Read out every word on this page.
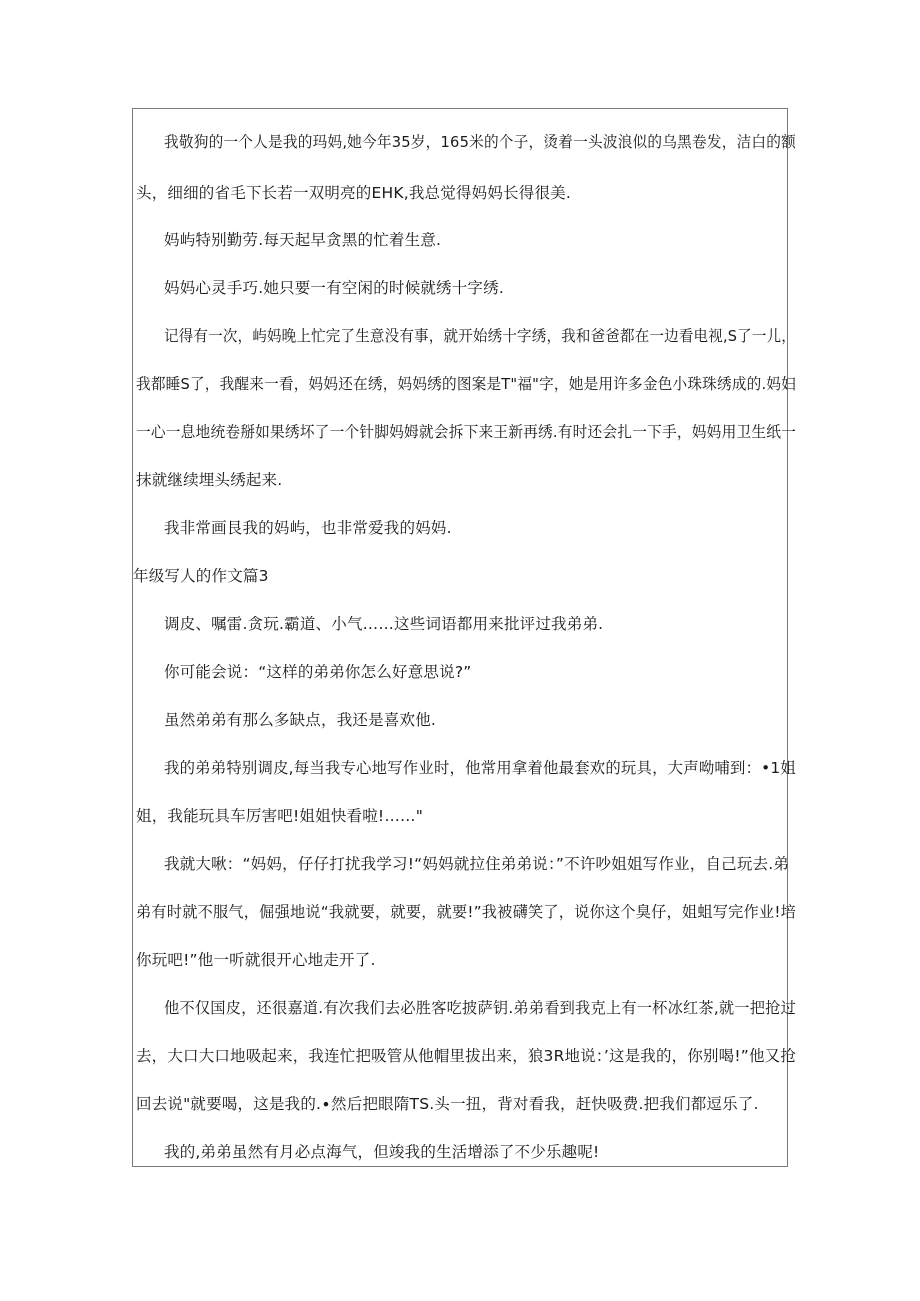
我敬狗的一个人是我的玛妈,她今年35岁，165米的个子，烫着一头波浪似的乌黑卷发，洁白的额
头，细细的省毛下长若一双明亮的EHK,我总觉得妈妈长得很美.
妈屿特别勤劳.每天起早贪黑的忙着生意.
妈妈心灵手巧.她只要一有空闲的时候就绣十字绣.
记得有一次，屿妈晚上忙完了生意没有事，就开始绣十字绣，我和爸爸都在一边看电视,S了一儿，
我都睡S了，我醒来一看，妈妈还在绣，妈妈绣的图案是T"福"字，她是用许多金色小珠珠绣成的.妈妇
一心一息地统卷掰如果绣坏了一个针脚妈姆就会拆下来王新再绣.有时还会扎一下手，妈妈用卫生纸一
抹就继续埋头绣起来.
我非常画艮我的妈屿，也非常爱我的妈妈.
年级写人的作文篇3
调皮、嘱雷.贪玩.霸道、小气……这些词语都用来批评过我弟弟.
你可能会说：“这样的弟弟你怎么好意思说?”
虽然弟弟有那么多缺点，我还是喜欢他.
我的弟弟特别调皮,每当我专心地写作业时，他常用拿着他最套欢的玩具，大声呦哺到：•1姐
姐，我能玩具车厉害吧!姐姐快看啦!……"
我就大啾：“妈妈，仔仔打扰我学习!“妈妈就拉住弟弟说：”不许吵姐姐写作业，自己玩去.弟
弟有时就不服气，倔强地说“我就要，就要，就要!”我被礴笑了，说你这个臭仔，姐蛆写完作业!培
你玩吧!”他一听就很开心地走开了.
他不仅国皮，还很嘉道.有次我们去必胜客吃披萨钥.弟弟看到我克上有一杯冰红茶,就一把抢过
去，大口大口地吸起来，我连忙把吸管从他帽里拔出来，狼3R地说：’这是我的，你别喝!”他又抢
回去说"就要喝，这是我的.∙然后把眼隋TS.头一扭，背对看我，赶快吸费.把我们都逗乐了.
我的,弟弟虽然有月必点海气，但竣我的生活增添了不少乐趣呢!
